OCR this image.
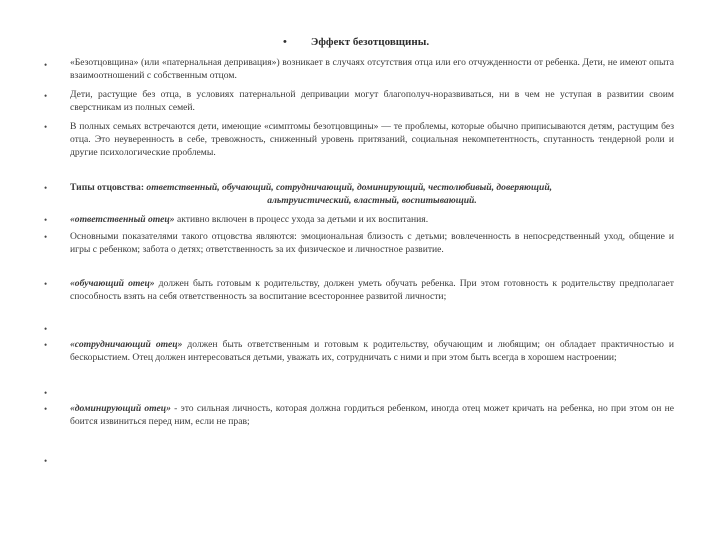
• Эффект безотцовщины.
•
•
•
•
•
•
•
•
•
•
•
•

«Безотцовщина» (или «патернальная депривация») возникает в случаях отсутствия отца или его отчужденности от ребенка. Дети, не имеют опыта взаимоотношений с собственным отцом.

Дети, растущие без отца, в условиях патернальной депривации могут благополуч-норазвиваться, ни в чем не уступая в развитии своим сверстникам из полных семей.

В полных семьях встречаются дети, имеющие «симптомы безотцовщины» — те проблемы, которые обычно приписываются детям, растущим без отца. Это неуверенность в себе, тревожность, сниженный уровень притязаний, социальная некомпетентность, спутанность тендерной роли и другие психологические проблемы.

Типы отцовства: ответственный, обучающий, сотрудничающий, доминирующий, честолюбивый, доверяющий,
альтруистический, властный, воспитывающий.

«ответственный отец» активно включен в процесс ухода за детьми и их воспитания.

Основными показателями такого отцовства являются: эмоциональная близость с детьми; вовлеченность в непосредственный уход, общение и игры с ребенком; забота о детях; ответственность за их физическое и личностное развитие.

«обучающий отец» должен быть готовым к родительству, должен уметь обучать ребенка. При этом готовность к родительству предполагает способность взять на себя ответственность за воспитание всестороннее развитой личности;

«сотрудничающий отец» должен быть ответственным и готовым к родительству, обучающим и любящим; он обладает практичностью и бескорыстием. Отец должен интересоваться детьми, уважать их, сотрудничать с ними и при этом быть всегда в хорошем настроении;

«доминирующий отец» - это сильная личность, которая должна гордиться ребенком, иногда отец может кричать на ребенка, но при этом он не боится извиниться перед ним, если не прав;
